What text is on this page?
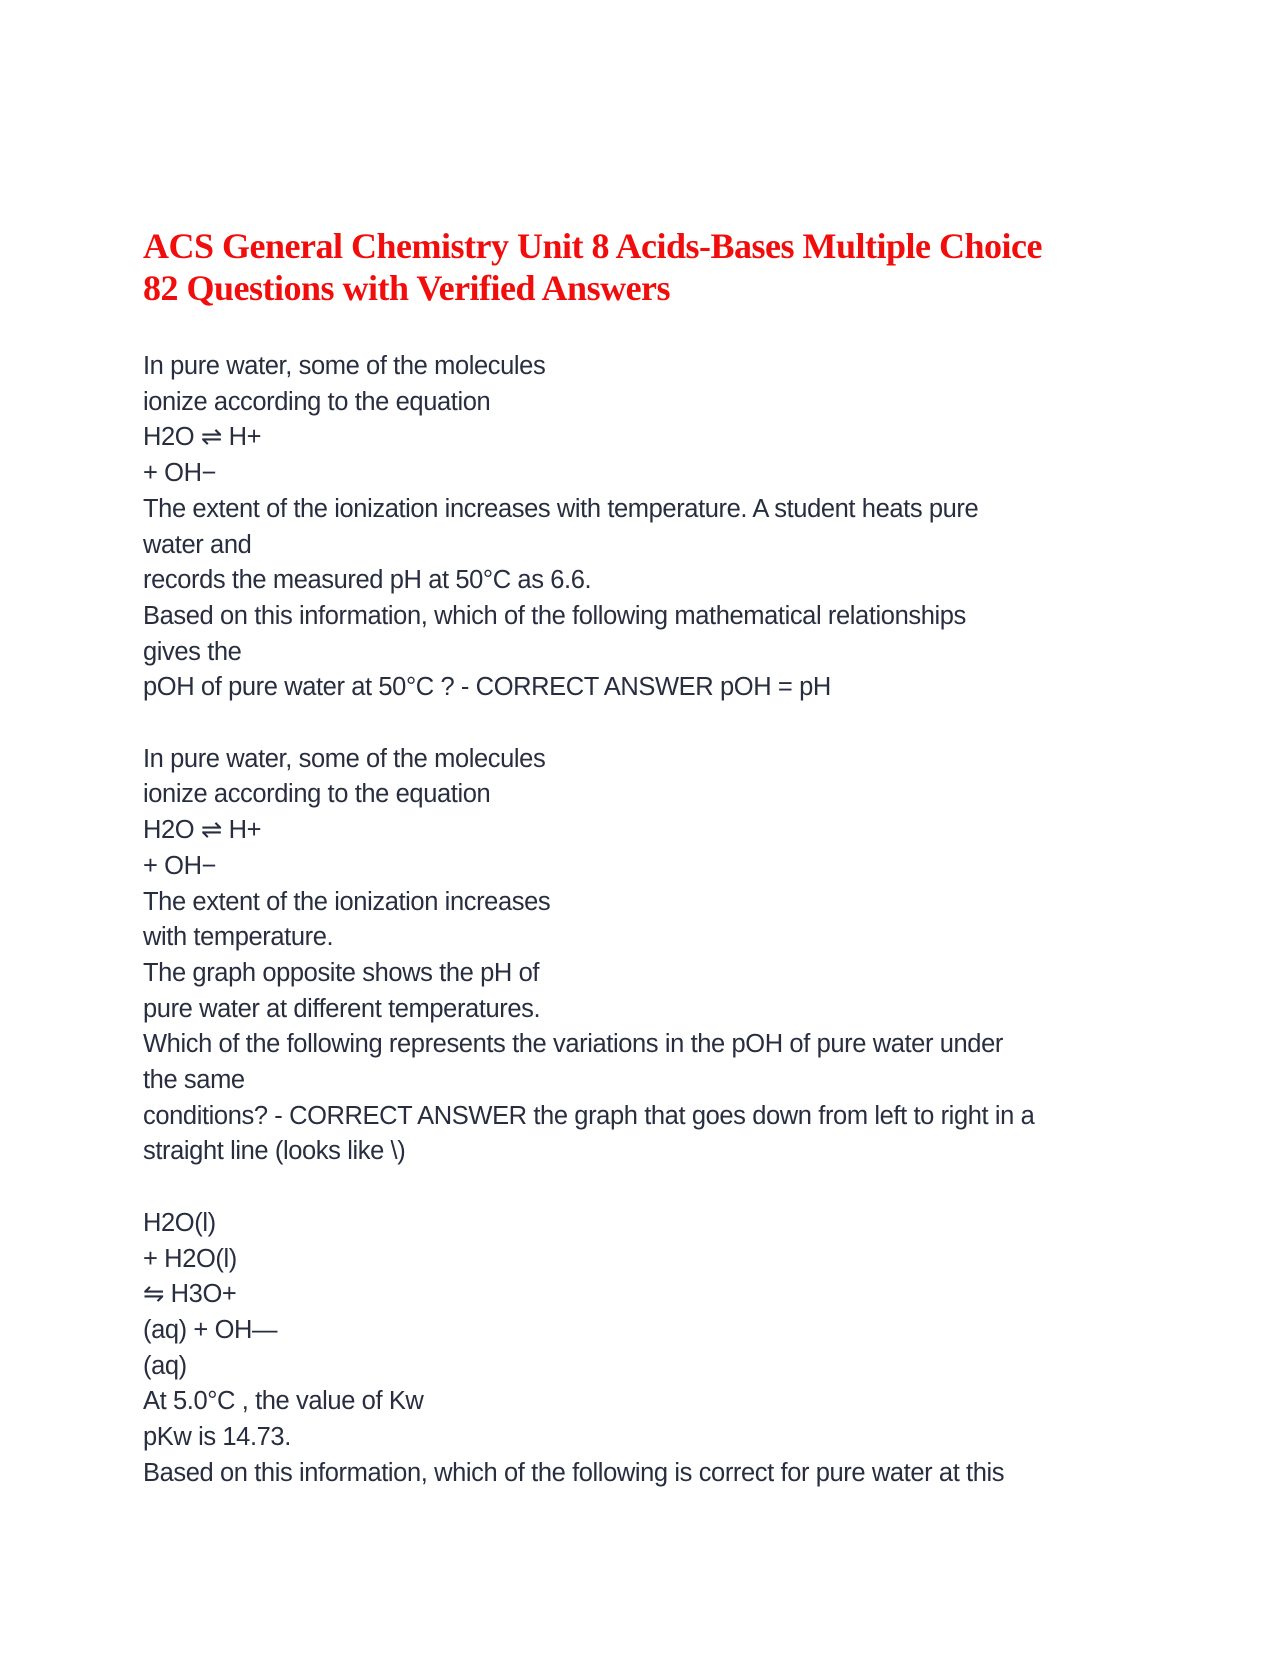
ACS General Chemistry Unit 8 Acids-Bases Multiple Choice
82 Questions with Verified Answers
In pure water, some of the molecules
ionize according to the equation
H2O ⇌ H+
+ OH−
The extent of the ionization increases with temperature. A student heats pure
water and
records the measured pH at 50°C as 6.6.
Based on this information, which of the following mathematical relationships
gives the
pOH of pure water at 50°C ? - CORRECT ANSWER pOH = pH
In pure water, some of the molecules
ionize according to the equation
H2O ⇌ H+
+ OH−
The extent of the ionization increases
with temperature.
The graph opposite shows the pH of
pure water at different temperatures.
Which of the following represents the variations in the pOH of pure water under
the same
conditions? - CORRECT ANSWER the graph that goes down from left to right in a
straight line (looks like \)
H2O(l)
+ H2O(l)
⇋ H3O+
(aq) + OH—
(aq)
At 5.0°C , the value of Kw
pKw is 14.73.
Based on this information, which of the following is correct for pure water at this
